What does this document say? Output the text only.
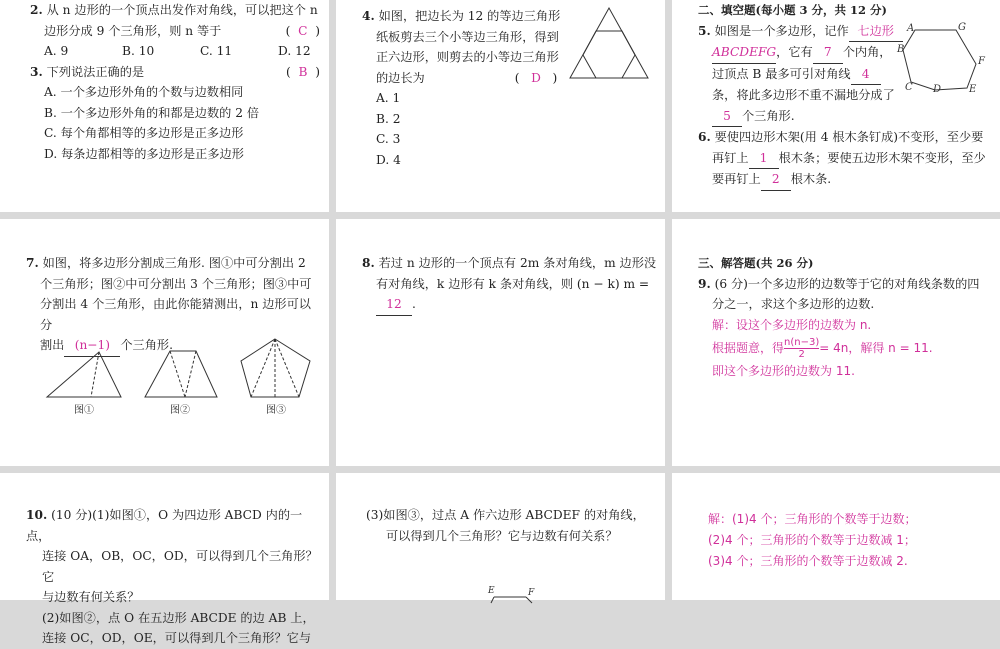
2. 从 n 边形的一个顶点出发作对角线，可以把这个 n

边形分成 9 个三角形，则 n 等于	(  C  )

A. 9	B. 10	C. 11	D. 12

3. 下列说法正确的是	(  B  )

A. 一个多边形外角的个数与边数相同

B. 一个多边形外角的和都是边数的 2 倍

C. 每个角都相等的多边形是正多边形

D. 每条边都相等的多边形是正多边形

4. 如图，把边长为 12 的等边三角形

纸板剪去三个小等边三角形，得到

正六边形，则剪去的小等边三角形

的边长为	(   D   )

A. 1B. 2

C. 3D. 4

二、填空题(每小题 3 分，共 12 分)

5. 如图是一个多边形，记作 七边形

ABCDEFG，它有 7 个内角，

过顶点 B 最多可引对角线 4

条，将此多边形不重不漏地分成了

5 个三角形.

6. 要使四边形木架(用 4 根木条钉成)不变形，至少要

再钉上 1 根木条；要使五边形木架不变形，至少

要再钉上 2 根木条.

A	G
B
F
C D	E

7. 如图，将多边形分割成三角形. 图①中可分割出 2

个三角形；图②中可分割出 3 个三角形；图③中可

分割出 4 个三角形，由此你能猜测出，n 边形可以分

割出 (n−1) 个三角形.

图①	图②	图③

8. 若过 n 边形的一个顶点有 2m 条对角线，m 边形没

有对角线，k 边形有 k 条对角线，则 (n − k) m =

12 .

三、解答题(共 26 分)

9. (6 分)一个多边形的边数等于它的对角线条数的四

分之一，求这个多边形的边数.

解：设这个多边形的边数为 n.

根据题意，得 $\frac{n(n-3)}{2} = 4n$，解得 n = 11.

即这个多边形的边数为 11.

10. (10 分)(1)如图①，O 为四边形 ABCD 内的一点，

连接 OA，OB，OC，OD，可以得到几个三角形？它

与边数有何关系？

(2)如图②，点 O 在五边形 ABCDE 的边 AB 上，

连接 OC，OD，OE，可以得到几个三角形？它与

(3)如图③，过点 A 作六边形 ABCDEF 的对角线，

可以得到几个三角形？它与边数有何关系？

E	F

解：(1)4 个；三角形的个数等于边数；

(2)4 个；三角形的个数等于边数减 1；

(3)4 个；三角形的个数等于边数减 2.
